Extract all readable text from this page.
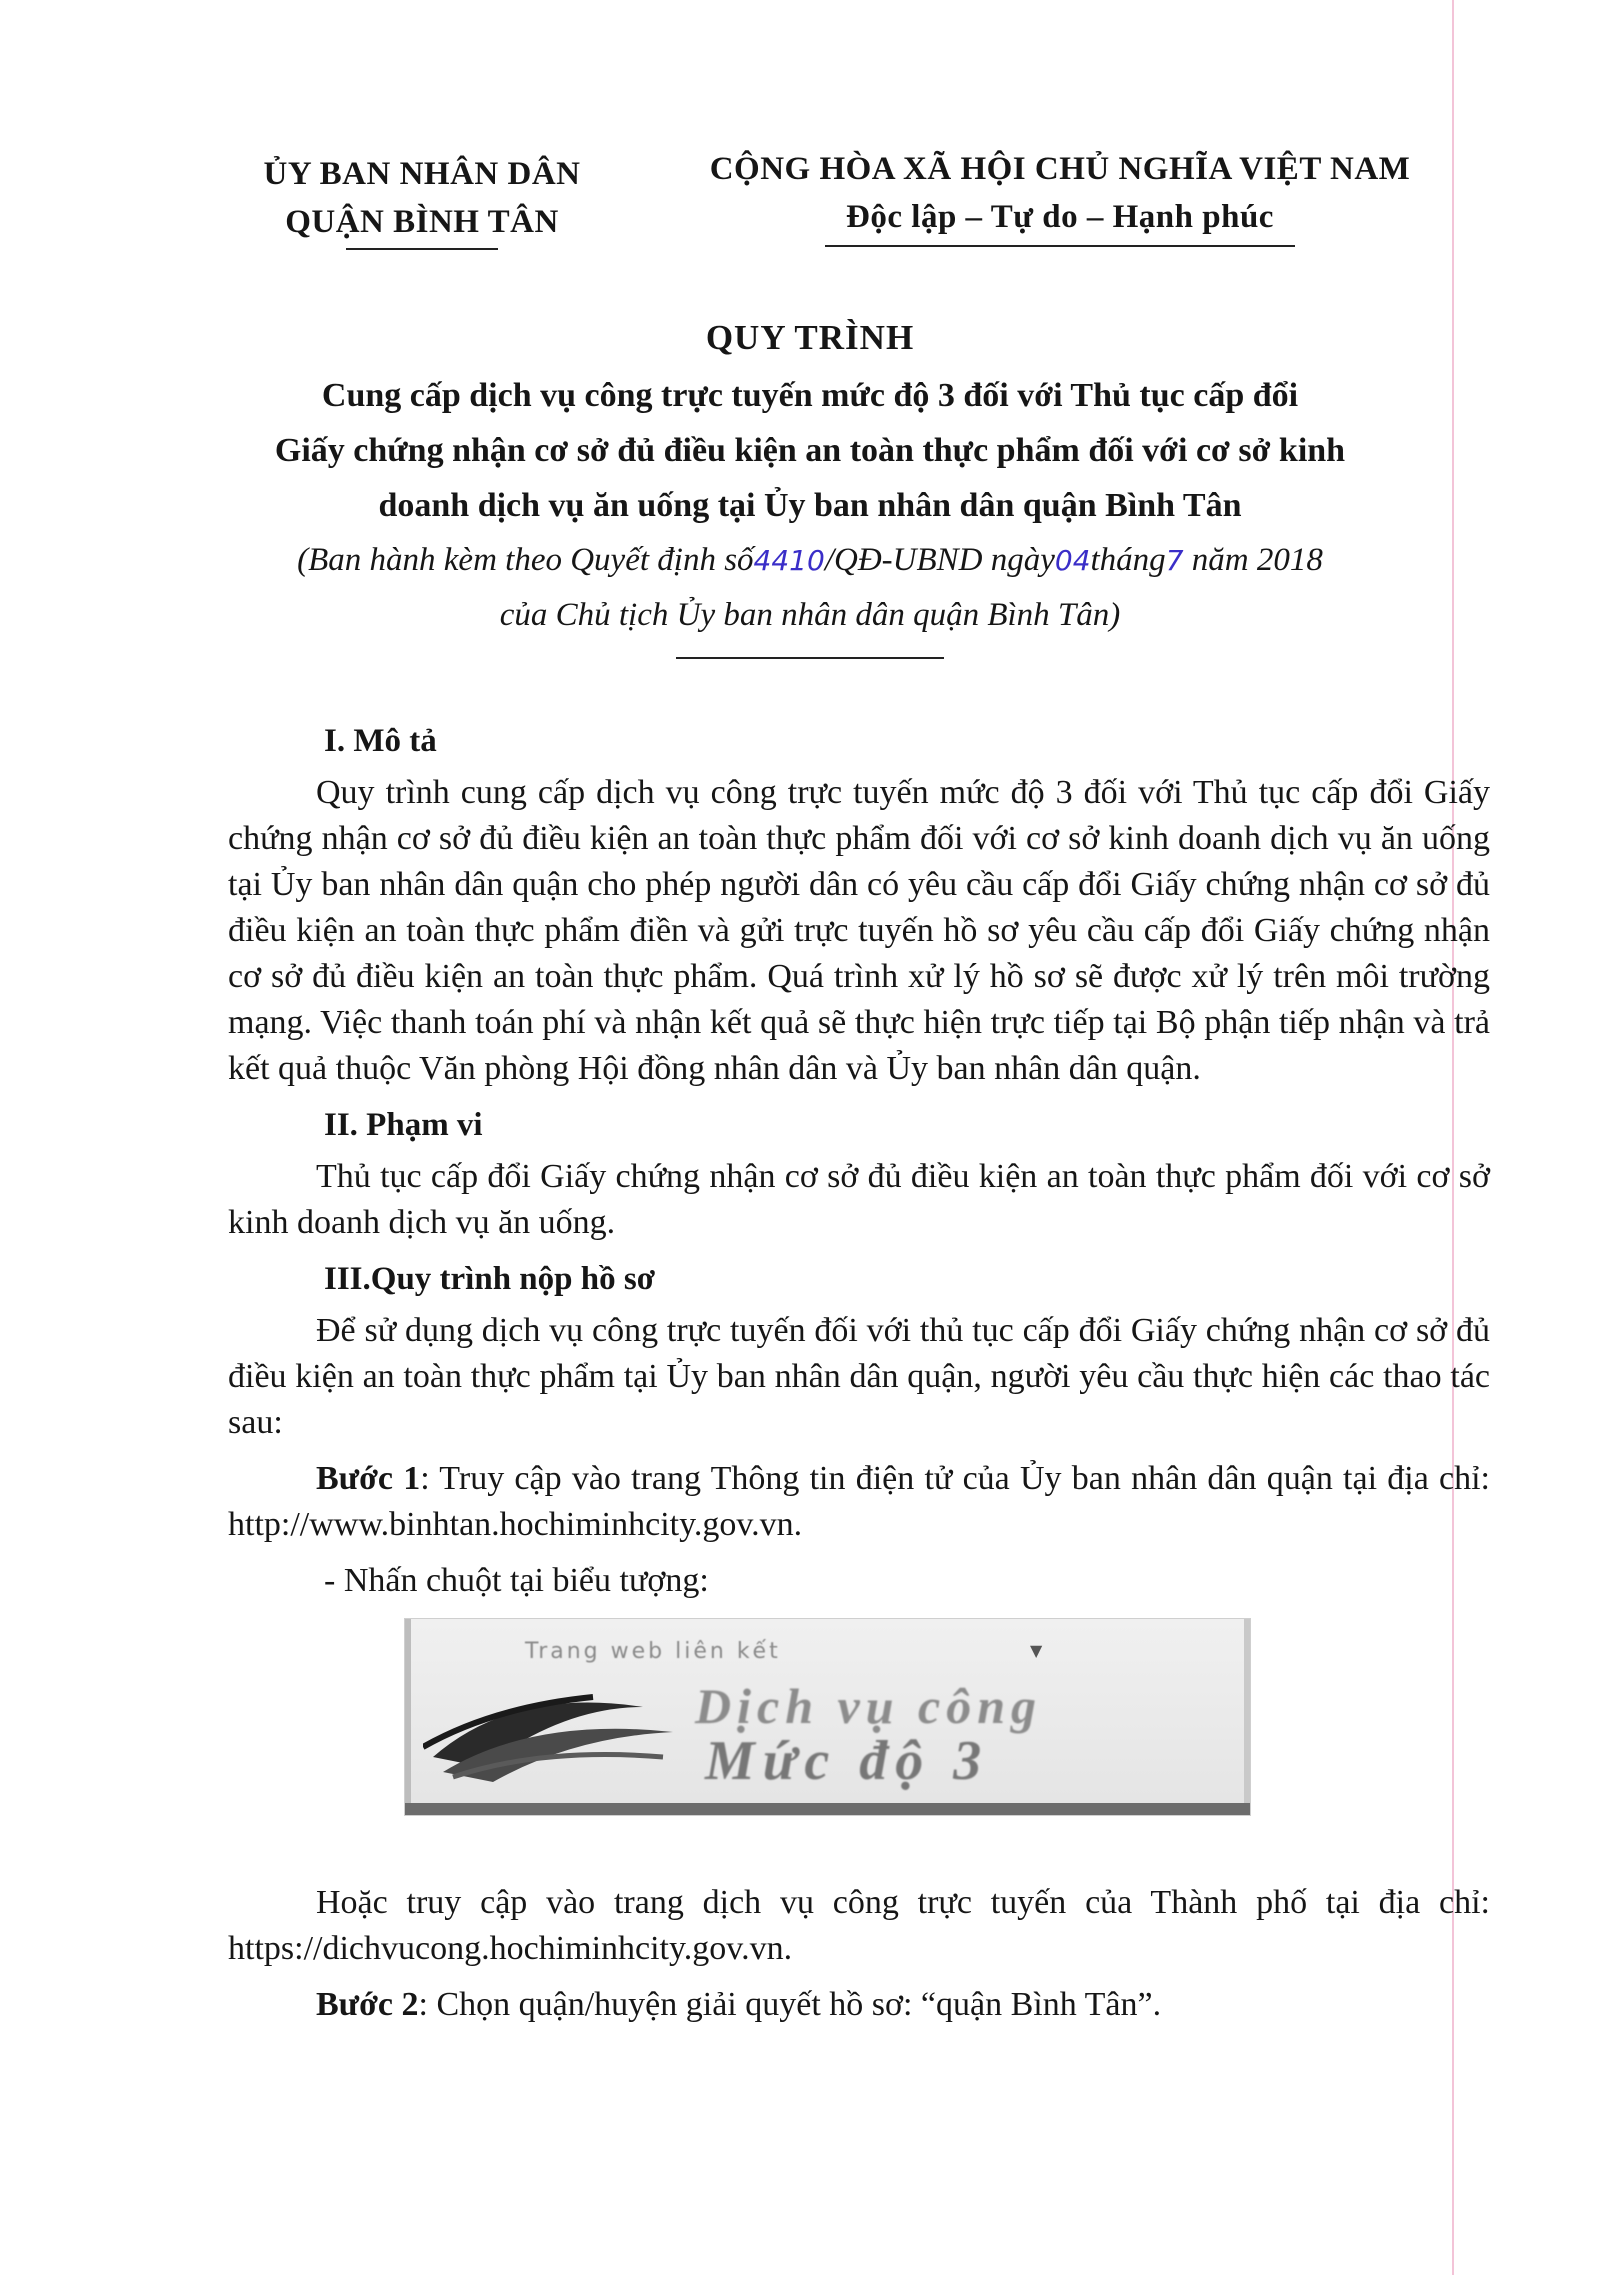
ỦY BAN NHÂN DÂN
QUẬN BÌNH TÂN
CỘNG HÒA XÃ HỘI CHỦ NGHĨA VIỆT NAM
Độc lập – Tự do – Hạnh phúc
QUY TRÌNH
Cung cấp dịch vụ công trực tuyến mức độ 3 đối với Thủ tục cấp đổi
Giấy chứng nhận cơ sở đủ điều kiện an toàn thực phẩm đối với cơ sở kinh
doanh dịch vụ ăn uống tại Ủy ban nhân dân quận Bình Tân
(Ban hành kèm theo Quyết định số4410/QĐ-UBND ngày04tháng7 năm 2018
của Chủ tịch Ủy ban nhân dân quận Bình Tân)
I. Mô tả

Quy trình cung cấp dịch vụ công trực tuyến mức độ 3 đối với Thủ tục cấp đổi Giấy chứng nhận cơ sở đủ điều kiện an toàn thực phẩm đối với cơ sở kinh doanh dịch vụ ăn uống tại Ủy ban nhân dân quận cho phép người dân có yêu cầu cấp đổi Giấy chứng nhận cơ sở đủ điều kiện an toàn thực phẩm điền và gửi trực tuyến hồ sơ yêu cầu cấp đổi Giấy chứng nhận cơ sở đủ điều kiện an toàn thực phẩm. Quá trình xử lý hồ sơ sẽ được xử lý trên môi trường mạng. Việc thanh toán phí và nhận kết quả sẽ thực hiện trực tiếp tại Bộ phận tiếp nhận và trả kết quả thuộc Văn phòng Hội đồng nhân dân và Ủy ban nhân dân quận.

II. Phạm vi

Thủ tục cấp đổi Giấy chứng nhận cơ sở đủ điều kiện an toàn thực phẩm đối với cơ sở kinh doanh dịch vụ ăn uống.

III.Quy trình nộp hồ sơ

Để sử dụng dịch vụ công trực tuyến đối với thủ tục cấp đổi Giấy chứng nhận cơ sở đủ điều kiện an toàn thực phẩm tại Ủy ban nhân dân quận, người yêu cầu thực hiện các thao tác sau:

Bước 1: Truy cập vào trang Thông tin điện tử của Ủy ban nhân dân quận tại địa chỉ: http://www.binhtan.hochiminhcity.gov.vn.

- Nhấn chuột tại biểu tượng:
Trang web liên kết	▼
Dịch vụ công
Mức độ 3

Hoặc truy cập vào trang dịch vụ công trực tuyến của Thành phố tại địa chỉ: https://dichvucong.hochiminhcity.gov.vn.

Bước 2: Chọn quận/huyện giải quyết hồ sơ: “quận Bình Tân”.
